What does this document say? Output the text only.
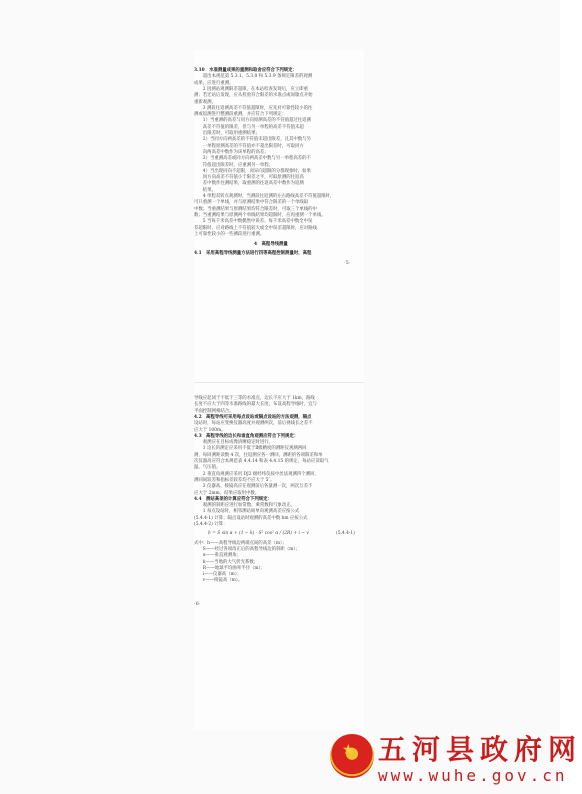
3.10　水准测量成果的重测和取舍应符合下列规定：
　　超出本规范第 5.3.1、5.3.8 和 5.3.9 条规定限差的观测
成果，应进行重测。
　　2 因测站观测限差超限，在本站检查发现后，应立即重
测；若迁站后发现，应从检验符合限差的水准点或间歇点开始
重新观测。
　　3 测段往返测高差不符值超限时，应先对可靠性较小的往
测或返测进行整测段重测，并应符合下列规定：
　　1）当重测的高差与同方向原测高差的不符值超过往返测
　　高差不符值的限差，但与另一单程的高差不符值未超
　　出限差时，可取用重测结果；
　　2）当同方向两高差的不符值未超出限差，且其中数与另
　　一单程原测高差的不符值亦不超出限差时，可取同方
　　向两高差中数作为该单程的高差；
　　3）当重测高差或同方向两高差中数与另一单程高差的不
　　符值超出限差时，应重测另一单程；
　　4）当出现同向不超限，而异向超限的分群现象时，如果
　　同方向高差不符值小于限差之半，可取原测的往返高
　　差中数作往测结果，取重测的往返高差中数作为返测
　　结果。
　　4 单程双转点观测时，当测段往返测的左右路线高差不符值超限时，
可只重测一个单线，并与原测结果中符合限差的一个单线取
中数；当重测结果与原测结果均符合限差时，可取三个单线的中
数；当重测结果与原测两个单线结果均超限时，应再重测一个单线。
　　5 当每千米高差中数偶然中误差、每千米高差中数全中误
差超限时，应对路线上不符值较大或全中误差超限时，应对路线
上可靠性较小的一些测段进行重测。
4　高程导线测量
4.1　采用高程导线测量方法进行四等高程控制测量时，高程
·5·
导线应起闭于不低于三等的水准点，边长不应大于 1km，路线
长度不应大于四等水准路线的最大长度，布设高程导线时，宜与
平面控制网相结合。
4.2　高程导线可采用每点设站或隔点设站的方法观测，隔点
设站时，每站应变换仪器高度并观测两次，前后视线长之差不
应大于 100m。
4.3　高程导线的边长和垂直角观测应符合下列规定：
　　观测应在目标成像清晰稳定时进行。
　　1 边长的测定应采用不低于Ⅱ级精度的测距仪观测两回
测，每回测距读数 4 次，往返测应各一测回，测距的各项限差和单
次仪器高应符合本规范表 4.4.14 和表 4.4.15 的规定，每站应读取气
温、气压值。
　　2 垂直角观测应采用 DJ2 级经纬仪按中丝法观测四个测回，
测回间较差和指标差较差均不应大于 5″。
　　3 仪器高、棱镜高应在观测前后各量测一次，两次互差不
应大于 2mm，结果应取用中数。
4.4　测站高差的计算应符合下列规定：
　　观测的斜距应进行加常数、乘常数和气象改正。
　　1 每点设站时，相邻测站间单向观测高差应按公式
(5.4.4-1) 计算；隔点设站时观测的高差中数 hm 应按公式
(5.4.4-2) 计算：
h = S sin α + (1 − k) · S² cos² α / (2R) + i − v	(5.4.4-1)
式中：h——高程导线边两端点间的高差（m）；
　　S——经过各项改正后的高程导线边的斜距（m）；
　　α——垂直观测角；
　　k——当地的大气折光系数；
　　R——地球平均曲率半径（m）；
　　i——仪器高（m）；
　　v——棱镜高（m）。
·6·
★ 五河县政府网
www.wuhe.gov.cn
